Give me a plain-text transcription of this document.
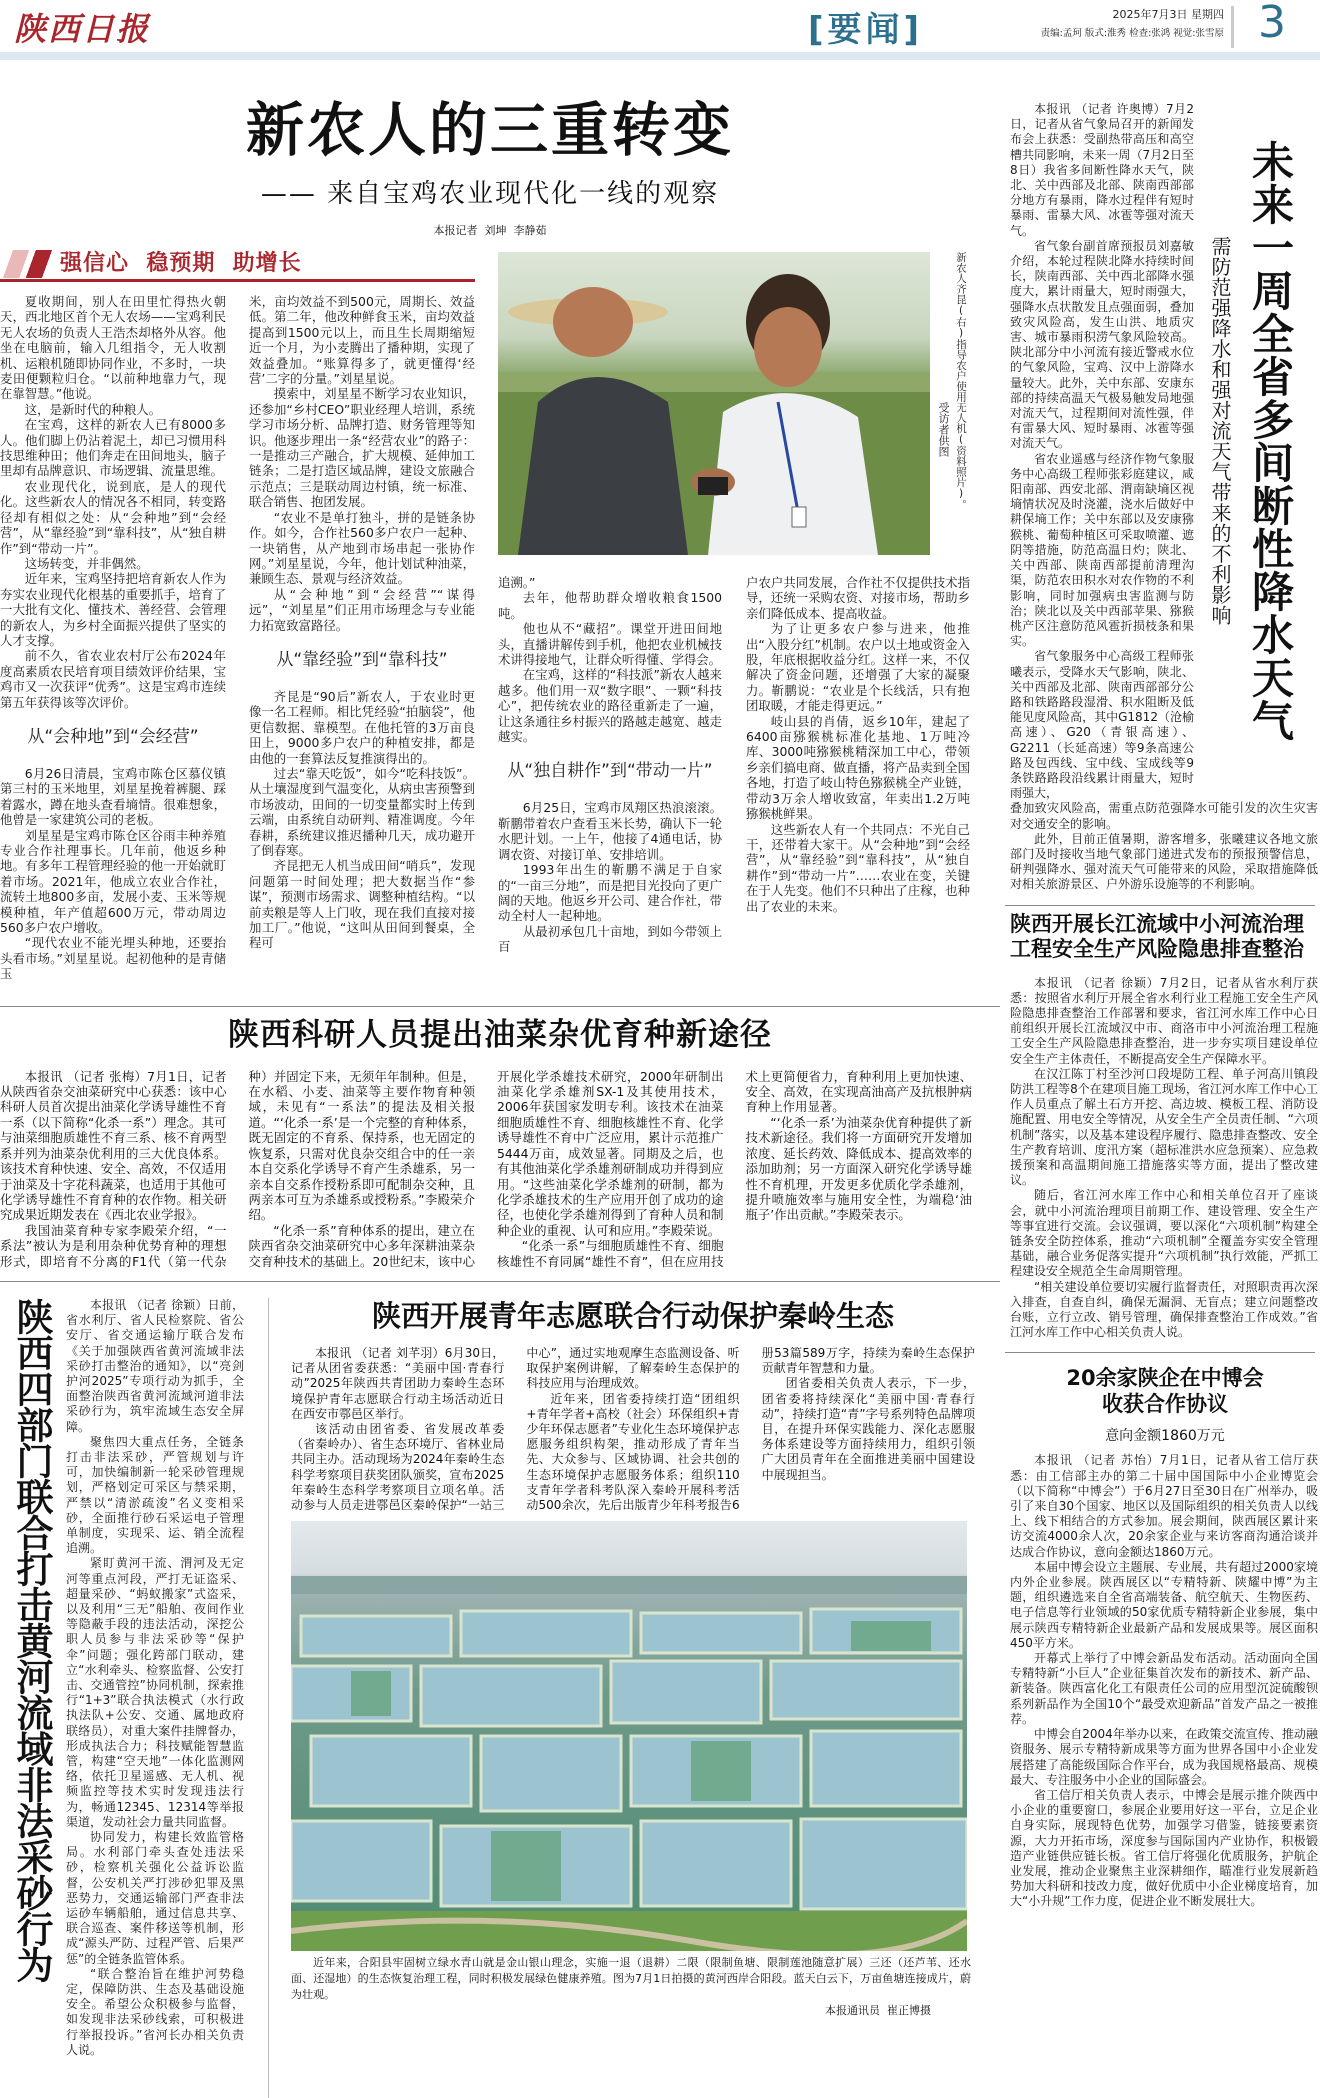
陕西日报	[要闻]	2025年7月3日 星期四
责编:孟珂 版式:淮秀 检查:张鸿 视觉:张雪原 3
新农人的三重转变
—— 来自宝鸡农业现代化一线的观察
本报记者  刘坤  李静茹
强信心  稳预期  助增长

夏收期间，别人在田里忙得热火朝天，西北地区首个无人农场——宝鸡利民无人农场的负责人王浩杰却格外从容。他坐在电脑前，输入几组指令，无人收割机、运粮机随即协同作业，不多时，一块麦田便颗粒归仓。“以前种地靠力气，现在靠智慧。”他说。

这，是新时代的种粮人。

在宝鸡，这样的新农人已有8000多人。他们脚上仍沾着泥土，却已习惯用科技思维种田；他们奔走在田间地头，脑子里却有品牌意识、市场逻辑、流量思维。

农业现代化，说到底，是人的现代化。这些新农人的情况各不相同，转变路径却有相似之处：从“会种地”到“会经营”，从“靠经验”到“靠科技”，从“独自耕作”到“带动一片”。

这场转变，并非偶然。

近年来，宝鸡坚持把培育新农人作为夯实农业现代化根基的重要抓手，培育了一大批有文化、懂技术、善经营、会管理的新农人，为乡村全面振兴提供了坚实的人才支撑。

前不久，省农业农村厅公布2024年度高素质农民培育项目绩效评价结果，宝鸡市又一次获评“优秀”。这是宝鸡市连续第五年获得该等次评价。

从“会种地”到“会经营”

6月26日清晨，宝鸡市陈仓区慕仪镇第三村的玉米地里，刘星星挽着裤腿、踩着露水，蹲在地头查看墒情。很难想象，他曾是一家建筑公司的老板。

刘星星是宝鸡市陈仓区谷雨丰种养殖专业合作社理事长。几年前，他返乡种地。有多年工程管理经验的他一开始就盯着市场。2021年，他成立农业合作社，流转土地800多亩，发展小麦、玉米等规模种植，年产值超600万元，带动周边560多户农户增收。

“现代农业不能光埋头种地，还要抬头看市场。”刘星星说。起初他种的是青储玉

米，亩均效益不到500元，周期长、效益低。第二年，他改种鲜食玉米，亩均效益提高到1500元以上，而且生长周期缩短近一个月，为小麦腾出了播种期，实现了效益叠加。“账算得多了，就更懂得‘经营’二字的分量。”刘星星说。

摸索中，刘星星不断学习农业知识，还参加“乡村CEO”职业经理人培训，系统学习市场分析、品牌打造、财务管理等知识。他逐步理出一条“经营农业”的路子：一是推动三产融合，扩大规模、延伸加工链条；二是打造区域品牌，建设文旅融合示范点；三是联动周边村镇，统一标准、联合销售、抱团发展。

“农业不是单打独斗，拼的是链条协作。如今，合作社560多户农户一起种、一块销售，从产地到市场串起一张协作网。”刘星星说，今年，他计划试种油菜，兼顾生态、景观与经济效益。

从“会种地”到“会经营”“谋得远”，“刘星星”们正用市场理念与专业能力拓宽致富路径。

从“靠经验”到“靠科技”

齐昆是“90后”新农人，于农业时更像一名工程师。相比凭经验“拍脑袋”，他更信数据、靠模型。在他托管的3万亩良田上，9000多户农户的种植安排，都是由他的一套算法反复推演得出的。

过去“靠天吃饭”，如今“吃科技饭”。从土壤湿度到气温变化，从病虫害预警到市场波动，田间的一切变量都实时上传到云端，由系统自动研判、精准调度。今年春耕，系统建议推迟播种几天，成功避开了倒春寒。

齐昆把无人机当成田间“哨兵”，发现问题第一时间处理；把大数据当作“参谋”，预测市场需求、调整种植结构。“以前卖粮是等人上门收，现在我们直接对接加工厂。”他说，“这叫从田间到餐桌，全程可

新农人齐昆(右)指导农户使用无人机(资料照片)。
受访者供图

追溯。”

去年，他帮助群众增收粮食1500吨。

他也从不“藏招”。课堂开进田间地头，直播讲解传到手机，他把农业机械技术讲得接地气，让群众听得懂、学得会。

在宝鸡，这样的“科技派”新农人越来越多。他们用一双“数字眼”、一颗“科技心”，把传统农业的路径重新走了一遍，让这条通往乡村振兴的路越走越宽、越走越实。

从“独自耕作”到“带动一片”

6月25日，宝鸡市凤翔区热浪滚滚。靳鹏带着农户查看玉米长势，确认下一轮水肥计划。一上午，他接了4通电话，协调农资、对接订单、安排培训。

1993年出生的靳鹏不满足于自家的“一亩三分地”，而是把目光投向了更广阔的天地。他返乡开公司、建合作社，带动全村人一起种地。

从最初承包几十亩地，到如今带领上百

户农户共同发展，合作社不仅提供技术指导，还统一采购农资、对接市场，帮助乡亲们降低成本、提高收益。

为了让更多农户参与进来，他推出“入股分红”机制。农户以土地或资金入股，年底根据收益分红。这样一来，不仅解决了资金问题，还增强了大家的凝聚力。靳鹏说：“农业是个长线活，只有抱团取暖，才能走得更远。”

岐山县的肖倩，返乡10年，建起了6400亩猕猴桃标准化基地、1万吨冷库、3000吨猕猴桃精深加工中心，带领乡亲们搞电商、做直播，将产品卖到全国各地，打造了岐山特色猕猴桃全产业链，带动3万余人增收致富，年卖出1.2万吨猕猴桃鲜果。

这些新农人有一个共同点：不光自己干，还带着大家干。从“会种地”到“会经营”，从“靠经验”到“靠科技”，从“独自耕作”到“带动一片”……农业在变，关键在于人先变。他们不只种出了庄稼，也种出了农业的未来。

陕西科研人员提出油菜杂优育种新途径

本报讯 （记者 张梅）7月1日，记者从陕西省杂交油菜研究中心获悉：该中心科研人员首次提出油菜化学诱导雄性不育一系（以下简称“化杀一系”）理念。其可与油菜细胞质雄性不育三系、核不育两型系并列为油菜杂优利用的三大优良体系。该技术育种快速、安全、高效，不仅适用于油菜及十字花科蔬菜，也适用于其他可化学诱导雄性不育育种的农作物。相关研究成果近期发表在《西北农业学报》。

我国油菜育种专家李殿荣介绍，“一系法”被认为是利用杂种优势育种的理想形式，即培育不分离的F1代（第一代杂种）并固定下来，无须年年制种。但是，在水稻、小麦、油菜等主要作物育种领域，未见有“一系法”的提法及相关报道。“‘化杀一系’是一个完整的育种体系，既无固定的不育系、保持系，也无固定的恢复系，只需对优良杂交组合中的任一亲本自交系化学诱导不育产生杀雄系，另一亲本自交系作授粉系即可配制杂交种，且两亲本可互为杀雄系或授粉系。”李殿荣介绍。

“化杀一系”育种体系的提出，建立在陕西省杂交油菜研究中心多年深耕油菜杂交育种技术的基础上。20世纪末，该中心开展化学杀雄技术研究，2000年研制出油菜化学杀雄剂SX-1及其使用技术，2006年获国家发明专利。该技术在油菜细胞质雄性不育、细胞核雄性不育、化学诱导雄性不育中广泛应用，累计示范推广5444万亩，成效显著。同期及之后，也有其他油菜化学杀雄剂研制成功并得到应用。“这些油菜化学杀雄剂的研制，都为化学杀雄技术的生产应用开创了成功的途径，也使化学杀雄剂得到了育种人员和制种企业的重视、认可和应用。”李殿荣说。

“化杀一系”与细胞质雄性不育、细胞核雄性不育同属“雄性不育”，但在应用技术上更简便省力，育种利用上更加快速、安全、高效，在实现高油高产及抗根肿病育种上作用显著。

“‘化杀一系’为油菜杂优育种提供了新技术新途径。我们将一方面研究开发增加浓度、延长药效、降低成本、提高效率的添加助剂；另一方面深入研究化学诱导雄性不育机理，开发更多优质化学杀雄剂，提升喷施效率与施用安全性，为端稳‘油瓶子’作出贡献。”李殿荣表示。

陕西四部门联合打击黄河流域非法采砂行为	本报讯 （记者 徐颖）日前，省水利厅、省人民检察院、省公安厅、省交通运输厅联合发布《关于加强陕西省黄河流域非法采砂打击整治的通知》，以“亮剑护河2025”专项行动为抓手，全面整治陕西省黄河流域河道非法采砂行为，筑牢流域生态安全屏障。

聚焦四大重点任务，全链条打击非法采砂，严管规划与许可，加快编制新一轮采砂管理规划，严格划定可采区与禁采期，严禁以“清淤疏浚”名义变相采砂，全面推行砂石采运电子管理单制度，实现采、运、销全流程追溯。

紧盯黄河干流、渭河及无定河等重点河段，严打无证盗采、超量采砂、“蚂蚁搬家”式盗采，以及利用“三无”船舶、夜间作业等隐蔽手段的违法活动，深挖公职人员参与非法采砂等“保护伞”问题；强化跨部门联动，建立“水利牵头、检察监督、公安打击、交通管控”协同机制，探索推行“1+3”联合执法模式（水行政执法队+公安、交通、属地政府联络员），对重大案件挂牌督办，形成执法合力；科技赋能智慧监管，构建“空天地”一体化监测网络，依托卫星遥感、无人机、视频监控等技术实时发现违法行为，畅通12345、12314等举报渠道，发动社会力量共同监督。

协同发力，构建长效监管格局。水利部门牵头查处违法采砂，检察机关强化公益诉讼监督，公安机关严打涉砂犯罪及黑恶势力，交通运输部门严查非法运砂车辆船舶，通过信息共享、联合巡查、案件移送等机制，形成“源头严防、过程严管、后果严惩”的全链条监管体系。

“联合整治旨在维护河势稳定，保障防洪、生态及基础设施安全。希望公众积极参与监督，如发现非法采砂线索，可积极进行举报投诉。”省河长办相关负责人说。

陕西开展青年志愿联合行动保护秦岭生态

本报讯 （记者 刘芊羽）6月30日，记者从团省委获悉：“美丽中国·青春行动”2025年陕西共青团助力秦岭生态环境保护青年志愿联合行动主场活动近日在西安市鄠邑区举行。

该活动由团省委、省发展改革委（省秦岭办）、省生态环境厅、省林业局共同主办。活动现场为2024年秦岭生态科学考察项目获奖团队颁奖，宣布2025年秦岭生态科学考察项目立项名单。活动参与人员走进鄠邑区秦岭保护“一站三中心”，通过实地观摩生态监测设备、听取保护案例讲解，了解秦岭生态保护的科技应用与治理成效。

近年来，团省委持续打造“团组织+青年学者+高校（社会）环保组织+青少年环保志愿者”专业化生态环境保护志愿服务组织构架，推动形成了青年当先、大众参与、区域协调、社会共创的生态环境保护志愿服务体系；组织110支青年学者科考队深入秦岭开展科考活动500余次，先后出版青少年科考报告6册53篇589万字，持续为秦岭生态保护贡献青年智慧和力量。

团省委相关负责人表示，下一步，团省委将持续深化“美丽中国·青春行动”，持续打造“青”字号系列特色品牌项目，在提升环保实践能力、深化志愿服务体系建设等方面持续用力，组织引领广大团员青年在全面推进美丽中国建设中展现担当。

近年来，合阳县牢固树立绿水青山就是金山银山理念，实施一退（退耕）二限（限制鱼塘、限制莲池随意扩展）三还（还芦苇、还水面、还湿地）的生态恢复治理工程，同时积极发展绿色健康养殖。图为7月1日拍摄的黄河西岸合阳段。蓝天白云下，万亩鱼塘连接成片，蔚为壮观。
本报通讯员  崔正博摄

本报讯 （记者 许奥博）7月2日，记者从省气象局召开的新闻发布会上获悉：受副热带高压和高空槽共同影响，未来一周（7月2日至8日）我省多间断性降水天气，陕北、关中西部及北部、陕南西部部分地方有暴雨，降水过程伴有短时暴雨、雷暴大风、冰雹等强对流天气。

省气象台副首席预报员刘嘉敏介绍，本轮过程陕北降水持续时间长，陕南西部、关中西北部降水强度大，累计雨量大，短时雨强大，强降水点状散发且点强面弱，叠加致灾风险高，发生山洪、地质灾害、城市暴雨积涝气象风险较高。陕北部分中小河流有接近警戒水位的气象风险，宝鸡、汉中上游降水量较大。此外，关中东部、安康东部的持续高温天气极易触发局地强对流天气，过程期间对流性强，伴有雷暴大风、短时暴雨、冰雹等强对流天气。

省农业遥感与经济作物气象服务中心高级工程师张彩庭建议，咸阳南部、西安北部、渭南缺墒区视墒情状况及时浇灌，浇水后做好中耕保墒工作；关中东部以及安康猕猴桃、葡萄种植区可采取喷灌、遮阴等措施，防范高温日灼；陕北、关中西部、陕南西部提前清理沟渠，防范农田积水对农作物的不利影响，同时加强病虫害监测与防治；陕北以及关中西部苹果、猕猴桃产区注意防范风雹折损枝条和果实。

省气象服务中心高级工程师张曦表示，受降水天气影响，陕北、关中西部及北部、陕南西部部分公路和铁路路段湿滑、积水阻断及低能见度风险高，其中G1812（沧榆高速）、G20（青银高速）、G2211（长延高速）等9条高速公路及包西线、宝中线、宝成线等9条铁路路段沿线累计雨量大，短时雨强大，

需防范强降水和强对流天气带来的不利影响 未来一周全省多间断性降水天气

叠加致灾风险高，需重点防范强降水可能引发的次生灾害对交通安全的影响。

此外，目前正值暑期，游客增多，张曦建议各地文旅部门及时接收当地气象部门递进式发布的预报预警信息，研判强降水、强对流天气可能带来的风险，采取措施降低对相关旅游景区、户外游乐设施等的不利影响。

陕西开展长江流域中小河流治理工程安全生产风险隐患排查整治

本报讯 （记者 徐颖）7月2日，记者从省水利厅获悉：按照省水利厅开展全省水利行业工程施工安全生产风险隐患排查整治工作部署和要求，省江河水库工作中心日前组织开展长江流域汉中市、商洛市中小河流治理工程施工安全生产风险隐患排查整治，进一步夯实项目建设单位安全生产主体责任，不断提高安全生产保障水平。

在汉江陈丁村至沙河口段堤防工程、单子河高川镇段防洪工程等8个在建项目施工现场，省江河水库工作中心工作人员重点了解土石方开挖、高边坡、模板工程、消防设施配置、用电安全等情况，从安全生产全员责任制、“六项机制”落实，以及基本建设程序履行、隐患排查整改、安全生产教育培训、度汛方案（超标准洪水应急预案）、应急救援预案和高温期间施工措施落实等方面，提出了整改建议。

随后，省江河水库工作中心和相关单位召开了座谈会，就中小河流治理项目前期工作、建设管理、安全生产等事宜进行交流。会议强调，要以深化“六项机制”构建全链条安全防控体系，推动“六项机制”全覆盖夯实安全管理基础，融合业务促落实提升“六项机制”执行效能，严抓工程建设安全规范全生命周期管理。

“相关建设单位要切实履行监督责任，对照职责再次深入排查，自查自纠，确保无漏洞、无盲点；建立问题整改台账，立行立改、销号管理，确保排查整治工作成效。”省江河水库工作中心相关负责人说。

20余家陕企在中博会
收获合作协议
意向金额1860万元

本报讯 （记者 苏怡）7月1日，记者从省工信厅获悉：由工信部主办的第二十届中国国际中小企业博览会（以下简称“中博会”）于6月27日至30日在广州举办，吸引了来自30个国家、地区以及国际组织的相关负责人以线上、线下相结合的方式参加。展会期间，陕西展区累计来访交流4000余人次，20余家企业与来访客商沟通洽谈并达成合作协议，意向金额达1860万元。

本届中博会设立主题展、专业展，共有超过2000家境内外企业参展。陕西展区以“专精特新、陕耀中博”为主题，组织遴选来自全省高端装备、航空航天、生物医药、电子信息等行业领域的50家优质专精特新企业参展，集中展示陕西专精特新企业最新产品和发展成果等。展区面积450平方米。

开幕式上举行了中博会新品发布活动。活动面向全国专精特新“小巨人”企业征集首次发布的新技术、新产品、新装备。陕西富化化工有限责任公司的应用型沉淀硫酸钡系列新品作为全国10个“最受欢迎新品”首发产品之一被推荐。

中博会自2004年举办以来，在政策交流宣传、推动融资服务、展示专精特新成果等方面为世界各国中小企业发展搭建了高能级国际合作平台，成为我国规格最高、规模最大、专注服务中小企业的国际盛会。

省工信厅相关负责人表示，中博会是展示推介陕西中小企业的重要窗口，参展企业要用好这一平台，立足企业自身实际，展现特色优势，加强学习借鉴，链接要素资源，大力开拓市场，深度参与国际国内产业协作，积极锻造产业链供应链长板。省工信厅将强化优质服务，护航企业发展，推动企业聚焦主业深耕细作，瞄准行业发展新趋势加大科研和技改力度，做好优质中小企业梯度培育，加大“小升规”工作力度，促进企业不断发展壮大。
